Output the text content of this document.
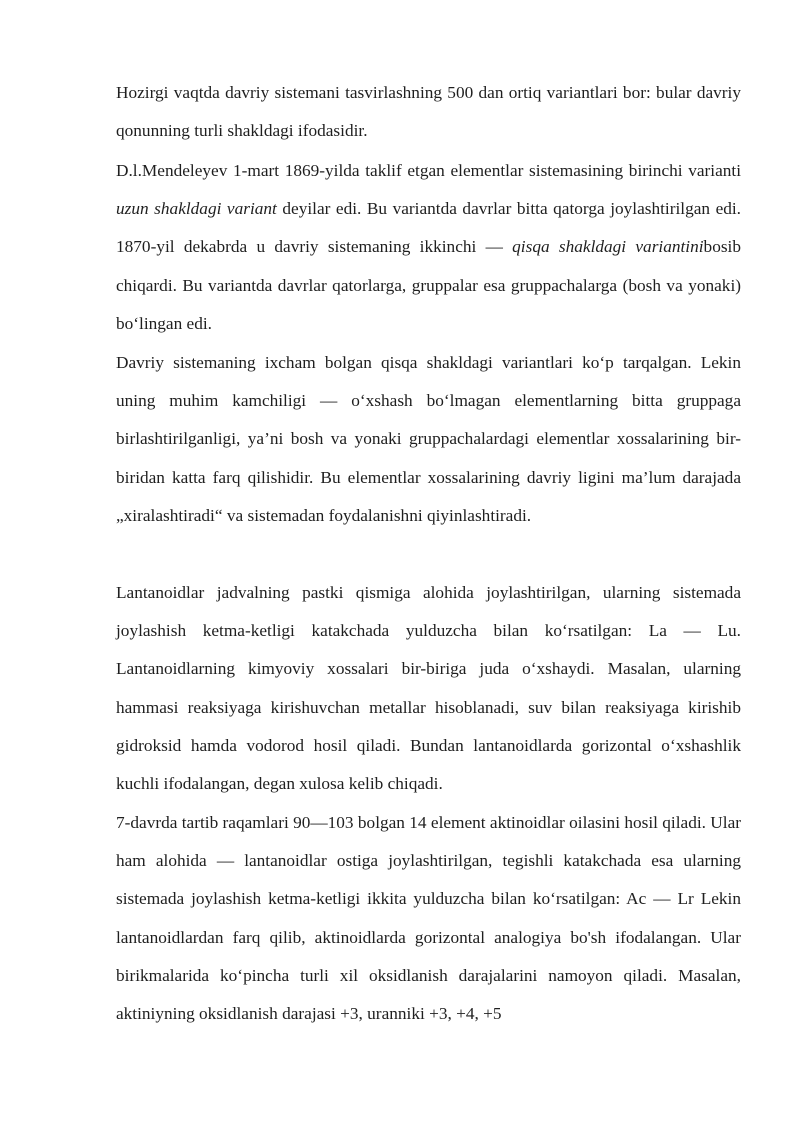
Hozirgi vaqtda davriy sistemani tasvirlashning 500 dan ortiq variantlari bor: bular davriy qonunning turli shakldagi ifodasidir.

D.l.Mendeleyev 1-mart 1869-yilda taklif etgan elementlar sistemasining birinchi varianti uzun shakldagi variant deyilar edi. Bu variantda davrlar bitta qatorga joylashtirilgan edi. 1870-yil dekabrda u davriy sistemaning ikkinchi — qisqa shakldagi variantinibosib chiqardi. Bu variantda davrlar qatorlarga, gruppalar esa gruppachalarga (bosh va yonaki) bo‘lingan edi.

Davriy sistemaning ixcham bolgan qisqa shakldagi variantlari ko‘p tarqalgan. Lekin uning muhim kamchiligi — o‘xshash bo‘lmagan elementlarning bitta gruppaga birlashtirilganligi, ya’ni bosh va yonaki gruppachalardagi elementlar xossalarining bir- biridan katta farq qilishidir. Bu elementlar xossalarining davriy ligini ma’lum darajada „xiralashtiradi“ va sistemadan foydalanishni qiyinlashtiradi.

Lantanoidlar jadvalning pastki qismiga alohida joylashtirilgan, ularning sistemada joylashish ketma-ketligi katakchada yulduzcha bilan ko‘rsatilgan: La — Lu. Lantanoidlarning kimyoviy xossalari bir-biriga juda o‘xshaydi. Masalan, ularning hammasi reaksiyaga kirishuvchan metallar hisoblanadi, suv bilan reaksiyaga kirishib gidroksid hamda vodorod hosil qiladi. Bundan lantanoidlarda gorizontal o‘xshashlik kuchli ifodalangan, degan xulosa kelib chiqadi.

7-davrda tartib raqamlari 90—103 bolgan 14 element aktinoidlar oilasini hosil qiladi. Ular ham alohida — lantanoidlar ostiga joylashtirilgan, tegishli katakchada esa ularning sistemada joylashish ketma-ketligi ikkita yulduzcha bilan ko‘rsatilgan: Ac — Lr Lekin lantanoidlardan farq qilib, aktinoidlarda gorizontal analogiya bo'sh ifodalangan. Ular birikmalarida ko‘pincha turli xil oksidlanish darajalarini namoyon qiladi. Masalan, aktiniyning oksidlanish darajasi +3, uranniki +3, +4, +5
